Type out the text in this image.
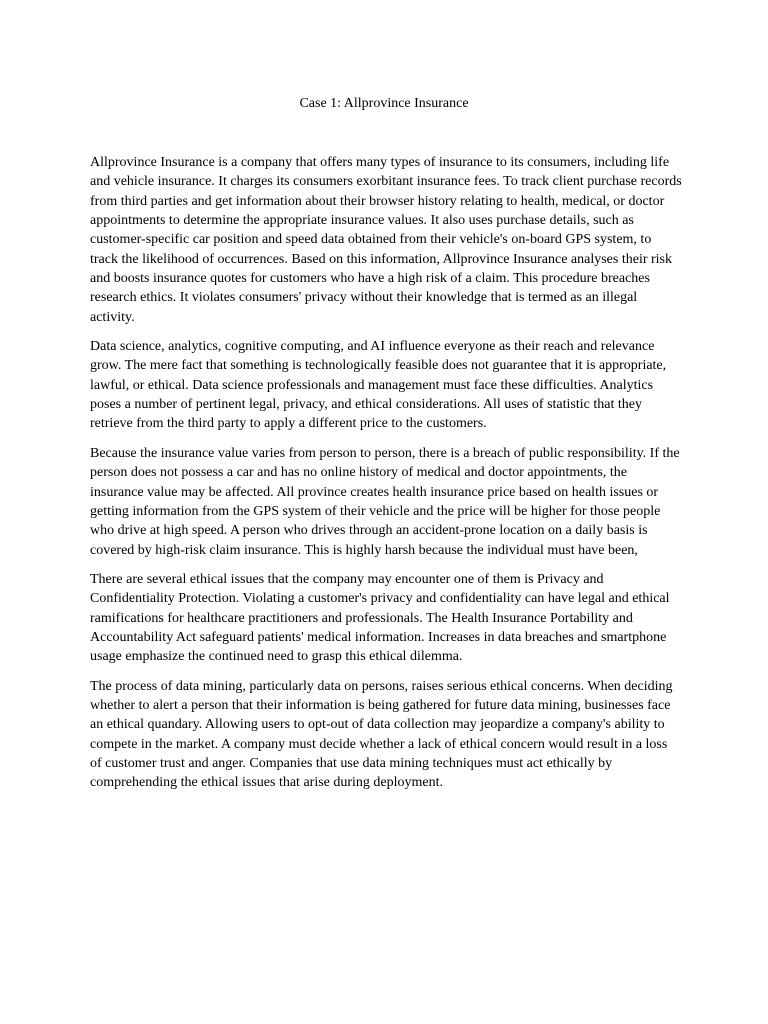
Case 1: Allprovince Insurance

Allprovince Insurance is a company that offers many types of insurance to its consumers, including life and vehicle insurance. It charges its consumers exorbitant insurance fees. To track client purchase records from third parties and get information about their browser history relating to health, medical, or doctor appointments to determine the appropriate insurance values. It also uses purchase details, such as customer-specific car position and speed data obtained from their vehicle's on-board GPS system, to track the likelihood of occurrences. Based on this information, Allprovince Insurance analyses their risk and boosts insurance quotes for customers who have a high risk of a claim. This procedure breaches research ethics. It violates consumers' privacy without their knowledge that is termed as an illegal activity.

Data science, analytics, cognitive computing, and AI influence everyone as their reach and relevance grow. The mere fact that something is technologically feasible does not guarantee that it is appropriate, lawful, or ethical. Data science professionals and management must face these difficulties. Analytics poses a number of pertinent legal, privacy, and ethical considerations. All uses of statistic that they retrieve from the third party to apply a different price to the customers.

Because the insurance value varies from person to person, there is a breach of public responsibility. If the person does not possess a car and has no online history of medical and doctor appointments, the insurance value may be affected. All province creates health insurance price based on health issues or getting information from the GPS system of their vehicle and the price will be higher for those people who drive at high speed. A person who drives through an accident-prone location on a daily basis is covered by high-risk claim insurance. This is highly harsh because the individual must have been,

There are several ethical issues that the company may encounter one of them is Privacy and Confidentiality Protection. Violating a customer's privacy and confidentiality can have legal and ethical ramifications for healthcare practitioners and professionals. The Health Insurance Portability and Accountability Act safeguard patients' medical information. Increases in data breaches and smartphone usage emphasize the continued need to grasp this ethical dilemma.

The process of data mining, particularly data on persons, raises serious ethical concerns. When deciding whether to alert a person that their information is being gathered for future data mining, businesses face an ethical quandary. Allowing users to opt-out of data collection may jeopardize a company's ability to compete in the market. A company must decide whether a lack of ethical concern would result in a loss of customer trust and anger. Companies that use data mining techniques must act ethically by comprehending the ethical issues that arise during deployment.
